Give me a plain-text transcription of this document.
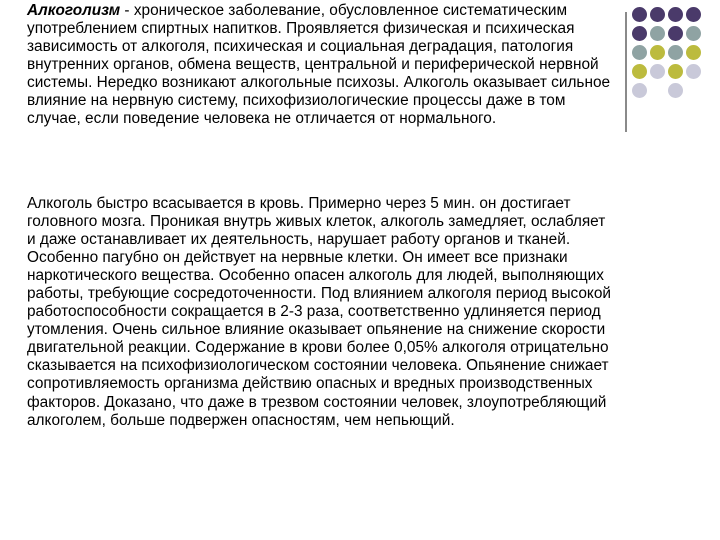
Алкоголизм - хроническое заболевание, обусловленное систематическим употреблением спиртных напитков. Проявляется физическая и психическая зависимость от алкоголя, психическая и социальная деградация, патология внутренних органов, обмена веществ, центральной и периферической нервной системы. Нередко возникают алкогольные психозы. Алкоголь оказывает сильное влияние на нервную систему, психофизиологические процессы даже в том случае, если поведение человека не отличается от нормального.

Алкоголь быстро всасывается в кровь. Примерно через 5 мин. он достигает головного мозга. Проникая внутрь живых клеток, алкоголь замедляет, ослабляет и даже останавливает их деятельность, нарушает работу органов и тканей. Особенно пагубно он действует на нервные клетки. Он имеет все признаки наркотического вещества. Особенно опасен алкоголь для людей, выполняющих работы, требующие сосредоточенности. Под влиянием алкоголя период высокой работоспособности сокращается в 2-3 раза, соответственно удлиняется период утомления. Очень сильное влияние оказывает опьянение на снижение скорости двигательной реакции. Содержание в крови более 0,05% алкоголя отрицательно сказывается на психофизиологическом состоянии человека. Опьянение снижает сопротивляемость организма действию опасных и вредных производственных факторов. Доказано, что даже в трезвом состоянии человек, злоупотребляющий алкоголем, больше подвержен опасностям, чем непьющий.
